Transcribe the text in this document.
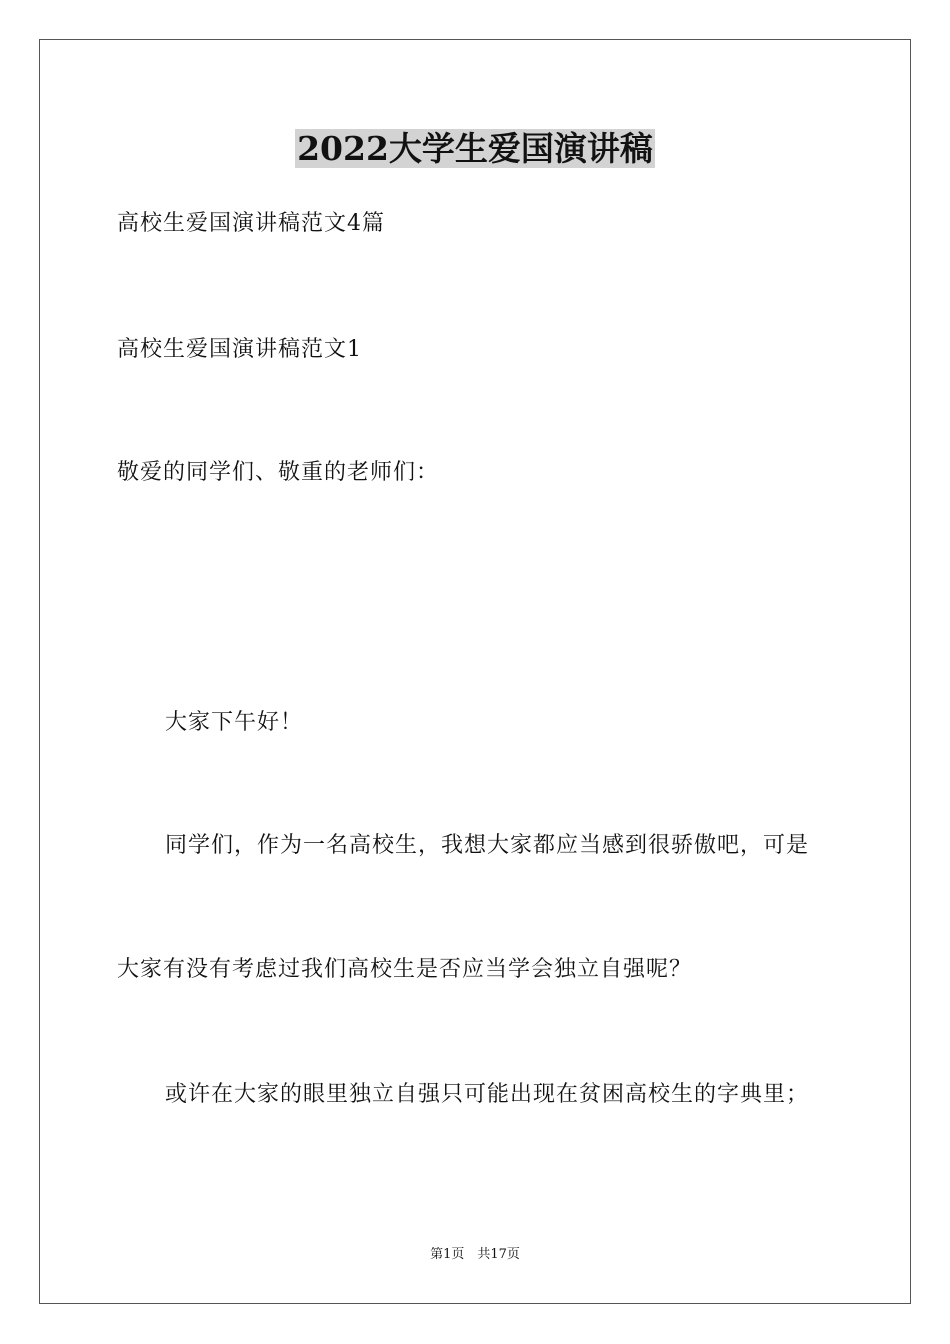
2022大学生爱国演讲稿
高校生爱国演讲稿范文4篇
高校生爱国演讲稿范文1
敬爱的同学们、敬重的老师们：
大家下午好！
同学们，作为一名高校生，我想大家都应当感到很骄傲吧，可是
大家有没有考虑过我们高校生是否应当学会独立自强呢？
或许在大家的眼里独立自强只可能出现在贫困高校生的字典里；
第1页　共17页
